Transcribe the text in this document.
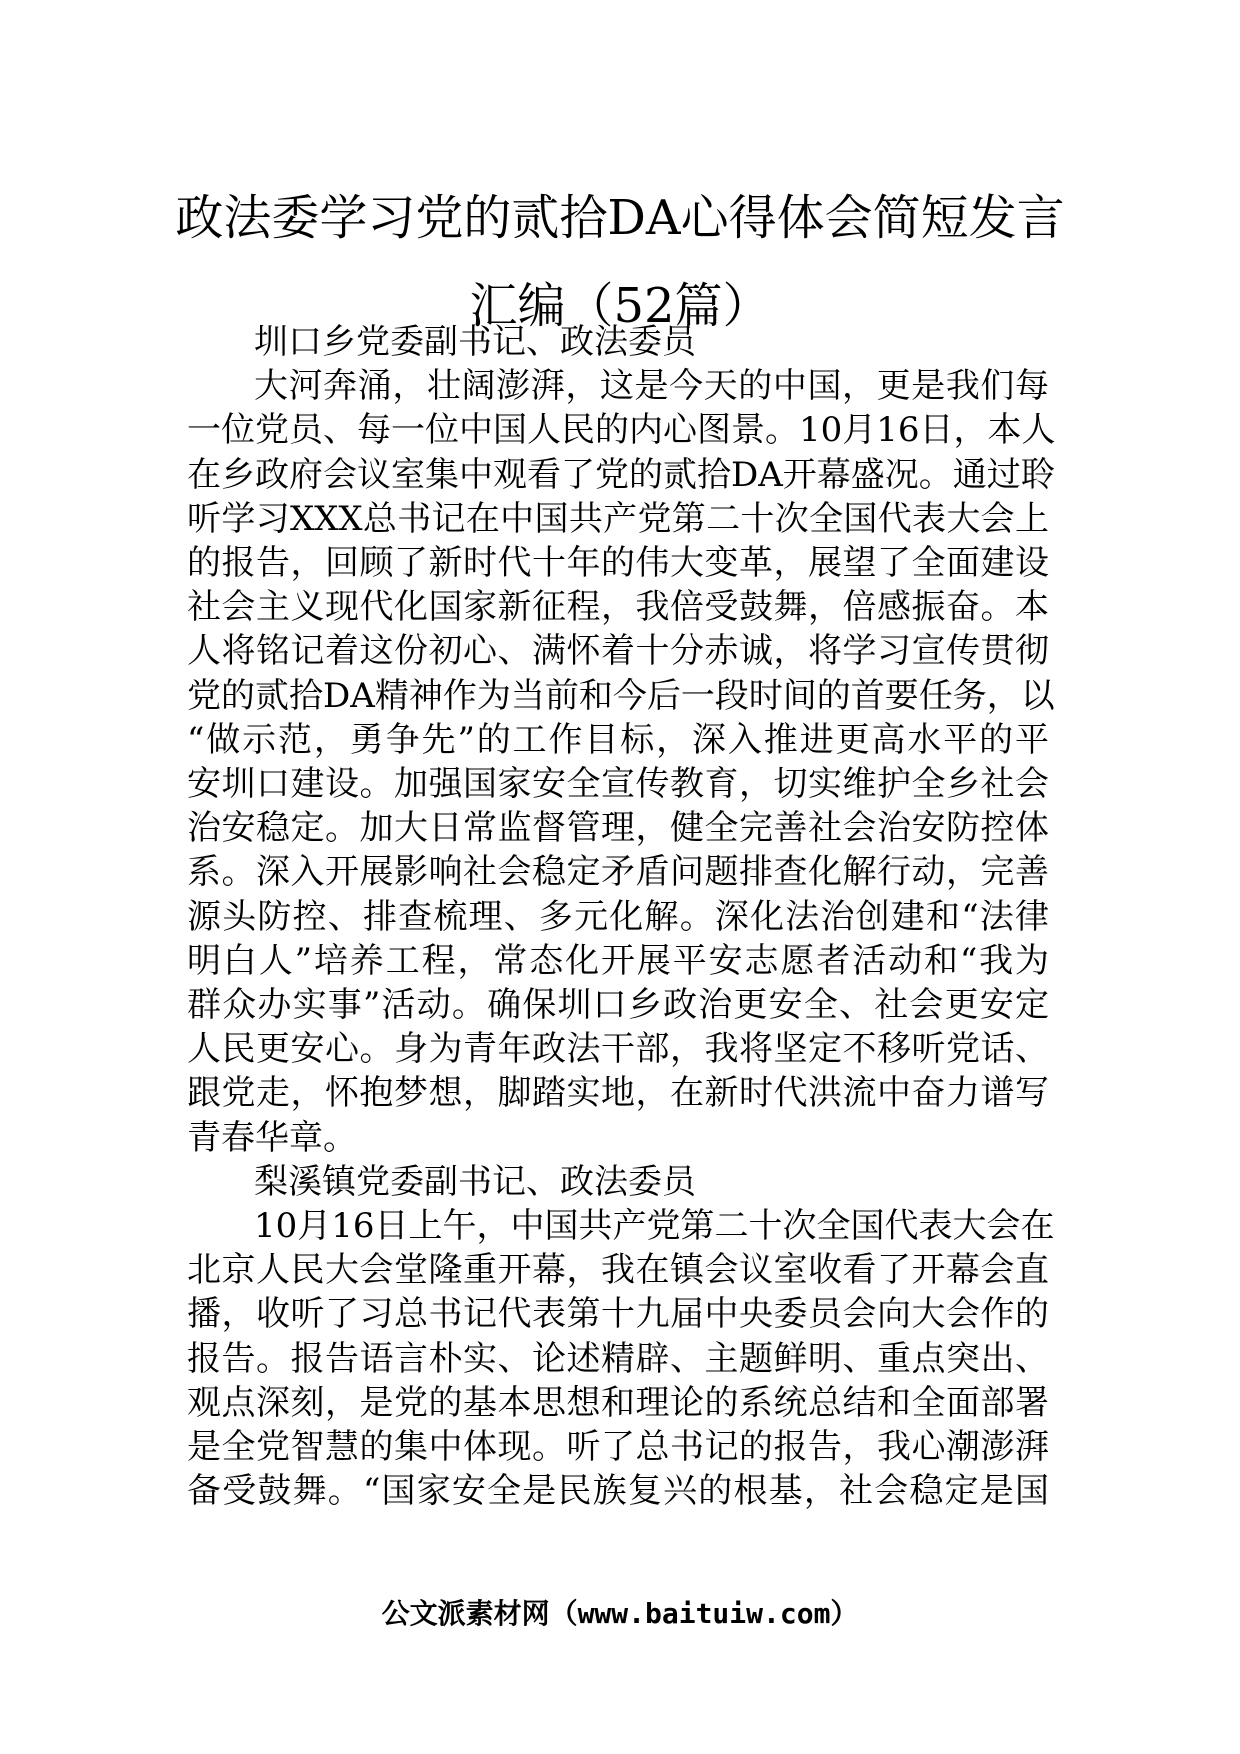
政法委学习党的贰拾DA心得体会简短发言
汇编（52篇）
圳口乡党委副书记、政法委员
大河奔涌，壮阔澎湃，这是今天的中国，更是我们每
一位党员、每一位中国人民的内心图景。10月16日，本人
在乡政府会议室集中观看了党的贰拾DA开幕盛况。通过聆
听学习XXX总书记在中国共产党第二十次全国代表大会上
的报告，回顾了新时代十年的伟大变革，展望了全面建设
社会主义现代化国家新征程，我倍受鼓舞，倍感振奋。本
人将铭记着这份初心、满怀着十分赤诚，将学习宣传贯彻
党的贰拾DA精神作为当前和今后一段时间的首要任务，以
“做示范，勇争先”的工作目标，深入推进更高水平的平
安圳口建设。加强国家安全宣传教育，切实维护全乡社会
治安稳定。加大日常监督管理，健全完善社会治安防控体
系。深入开展影响社会稳定矛盾问题排查化解行动，完善
源头防控、排查梳理、多元化解。深化法治创建和“法律
明白人”培养工程，常态化开展平安志愿者活动和“我为
群众办实事”活动。确保圳口乡政治更安全、社会更安定
人民更安心。身为青年政法干部，我将坚定不移听党话、
跟党走，怀抱梦想，脚踏实地，在新时代洪流中奋力谱写
青春华章。
梨溪镇党委副书记、政法委员
10月16日上午，中国共产党第二十次全国代表大会在
北京人民大会堂隆重开幕，我在镇会议室收看了开幕会直
播，收听了习总书记代表第十九届中央委员会向大会作的
报告。报告语言朴实、论述精辟、主题鲜明、重点突出、
观点深刻，是党的基本思想和理论的系统总结和全面部署
是全党智慧的集中体现。听了总书记的报告，我心潮澎湃
备受鼓舞。“国家安全是民族复兴的根基，社会稳定是国
公文派素材网（www.baituiw.com）
